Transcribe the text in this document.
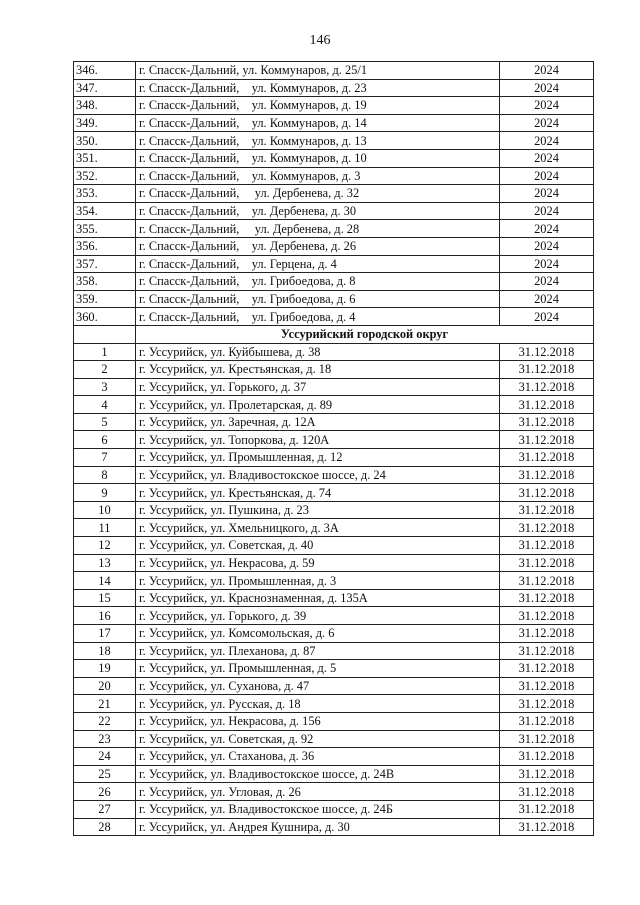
146
346.	г. Спасск-Дальний, ул. Коммунаров, д. 25/1	2024
347.	г. Спасск-Дальний,    ул. Коммунаров, д. 23	2024
348.	г. Спасск-Дальний,    ул. Коммунаров, д. 19	2024
349.	г. Спасск-Дальний,    ул. Коммунаров, д. 14	2024
350.	г. Спасск-Дальний,    ул. Коммунаров, д. 13	2024
351.	г. Спасск-Дальний,    ул. Коммунаров, д. 10	2024
352.	г. Спасск-Дальний,    ул. Коммунаров, д. 3	2024
353.	г. Спасск-Дальний,     ул. Дербенева, д. 32	2024
354.	г. Спасск-Дальний,    ул. Дербенева, д. 30	2024
355.	г. Спасск-Дальний,     ул. Дербенева, д. 28	2024
356.	г. Спасск-Дальний,    ул. Дербенева, д. 26	2024
357.	г. Спасск-Дальний,    ул. Герцена, д. 4	2024
358.	г. Спасск-Дальний,    ул. Грибоедова, д. 8	2024
359.	г. Спасск-Дальний,    ул. Грибоедова, д. 6	2024
360.	г. Спасск-Дальний,    ул. Грибоедова, д. 4	2024
	Уссурийский городской округ	
1	г. Уссурийск, ул. Куйбышева, д. 38	31.12.2018
2	г. Уссурийск, ул. Крестьянская, д. 18	31.12.2018
3	г. Уссурийск, ул. Горького, д. 37	31.12.2018
4	г. Уссурийск, ул. Пролетарская, д. 89	31.12.2018
5	г. Уссурийск, ул. Заречная, д. 12А	31.12.2018
6	г. Уссурийск, ул. Топоркова, д. 120А	31.12.2018
7	г. Уссурийск, ул. Промышленная, д. 12	31.12.2018
8	г. Уссурийск, ул. Владивостокское шоссе, д. 24	31.12.2018
9	г. Уссурийск, ул. Крестьянская, д. 74	31.12.2018
10	г. Уссурийск, ул. Пушкина, д. 23	31.12.2018
11	г. Уссурийск, ул. Хмельницкого, д. 3А	31.12.2018
12	г. Уссурийск, ул. Советская, д. 40	31.12.2018
13	г. Уссурийск, ул. Некрасова, д. 59	31.12.2018
14	г. Уссурийск, ул. Промышленная, д. 3	31.12.2018
15	г. Уссурийск, ул. Краснознаменная, д. 135А	31.12.2018
16	г. Уссурийск, ул. Горького, д. 39	31.12.2018
17	г. Уссурийск, ул. Комсомольская, д. 6	31.12.2018
18	г. Уссурийск, ул. Плеханова, д. 87	31.12.2018
19	г. Уссурийск, ул. Промышленная, д. 5	31.12.2018
20	г. Уссурийск, ул. Суханова, д. 47	31.12.2018
21	г. Уссурийск, ул. Русская, д. 18	31.12.2018
22	г. Уссурийск, ул. Некрасова, д. 156	31.12.2018
23	г. Уссурийск, ул. Советская, д. 92	31.12.2018
24	г. Уссурийск, ул. Стаханова, д. 36	31.12.2018
25	г. Уссурийск, ул. Владивостокское шоссе, д. 24В	31.12.2018
26	г. Уссурийск, ул. Угловая, д. 26	31.12.2018
27	г. Уссурийск, ул. Владивостокское шоссе, д. 24Б	31.12.2018
28	г. Уссурийск, ул. Андрея Кушнира, д. 30	31.12.2018
